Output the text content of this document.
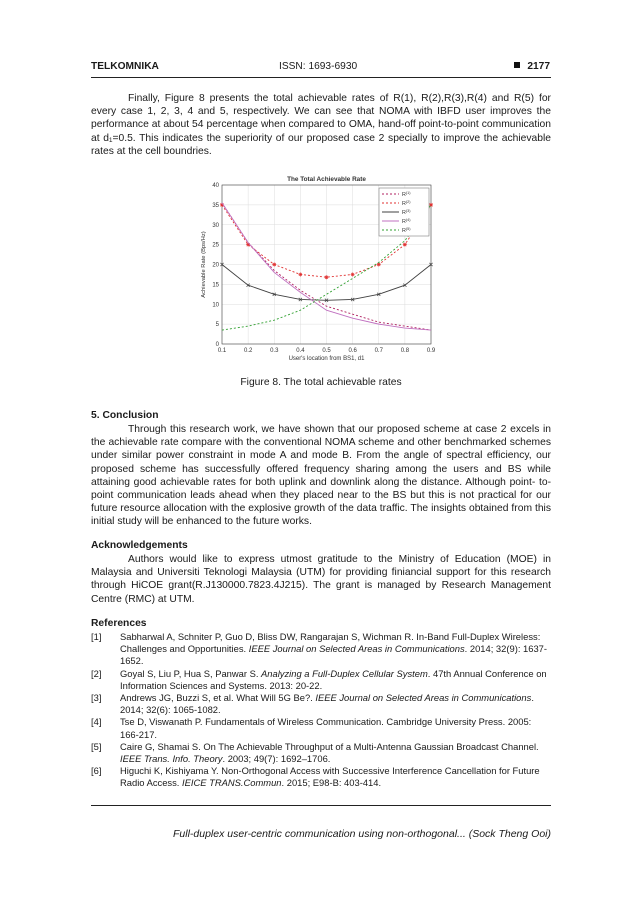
TELKOMNIKA	ISSN: 1693-6930	2177
Finally, Figure 8 presents the total achievable rates of R(1), R(2),R(3),R(4) and R(5) for every case 1, 2, 3, 4 and 5, respectively. We can see that NOMA with IBFD user improves the performance at about 54 percentage when compared to OMA, hand-off point-to-point communication at d₁=0.5. This indicates the superiority of our proposed case 2 specially to improve the achievable rates at the cell boundries.
0.1	0.2	0.3	0.4	0.5	0.6	0.7	0.8	0.9
0
5
10
15
20
25
30
35
40
The Total Achievable Rate
User's location from BS1, d1
Achievable Rate (Bps/Hz)
$R^{(1)}$
$R^{(2)}$
$R^{(3)}$
$R^{(4)}$
$R^{(5)}$
Figure 8. The total achievable rates
5. Conclusion
Through this research work, we have shown that our proposed scheme at case 2 excels in the achievable rate compare with the conventional NOMA scheme and other benchmarked schemes under similar power constraint in mode A and mode B. From the angle of spectral efficiency, our proposed scheme has successfully offered frequency sharing among the users and BS while attaining good achievable rates for both uplink and downlink along the distance. Although point- to-point communication leads ahead when they placed near to the BS but this is not practical for our future resource allocation with the explosive growth of the data traffic. The insights obtained from this initial study will be enhanced to the future works.
Acknowledgements
Authors would like to express utmost gratitude to the Ministry of Education (MOE) in Malaysia and Universiti Teknologi Malaysia (UTM) for providing finiancial support for this research through HiCOE grant(R.J130000.7823.4J215). The grant is managed by Research Management Centre (RMC) at UTM.
References
[1] Sabharwal A, Schniter P, Guo D, Bliss DW, Rangarajan S, Wichman R. In-Band Full-Duplex Wireless: Challenges and Opportunities. IEEE Journal on Selected Areas in Communications. 2014; 32(9): 1637-1652.
[2] Goyal S, Liu P, Hua S, Panwar S. Analyzing a Full-Duplex Cellular System. 47th Annual Conference on Information Sciences and Systems. 2013: 20-22.
[3] Andrews JG, Buzzi S, et al. What Will 5G Be?. IEEE Journal on Selected Areas in Communications. 2014; 32(6): 1065-1082.
[4] Tse D, Viswanath P. Fundamentals of Wireless Communication. Cambridge University Press. 2005: 166-217.
[5] Caire G, Shamai S. On The Achievable Throughput of a Multi-Antenna Gaussian Broadcast Channel. IEEE Trans. Info. Theory. 2003; 49(7): 1692–1706.
[6] Higuchi K, Kishiyama Y. Non-Orthogonal Access with Successive Interference Cancellation for Future Radio Access. IEICE TRANS.Commun. 2015; E98-B: 403-414.
Full-duplex user-centric communication using non-orthogonal... (Sock Theng Ooi)
